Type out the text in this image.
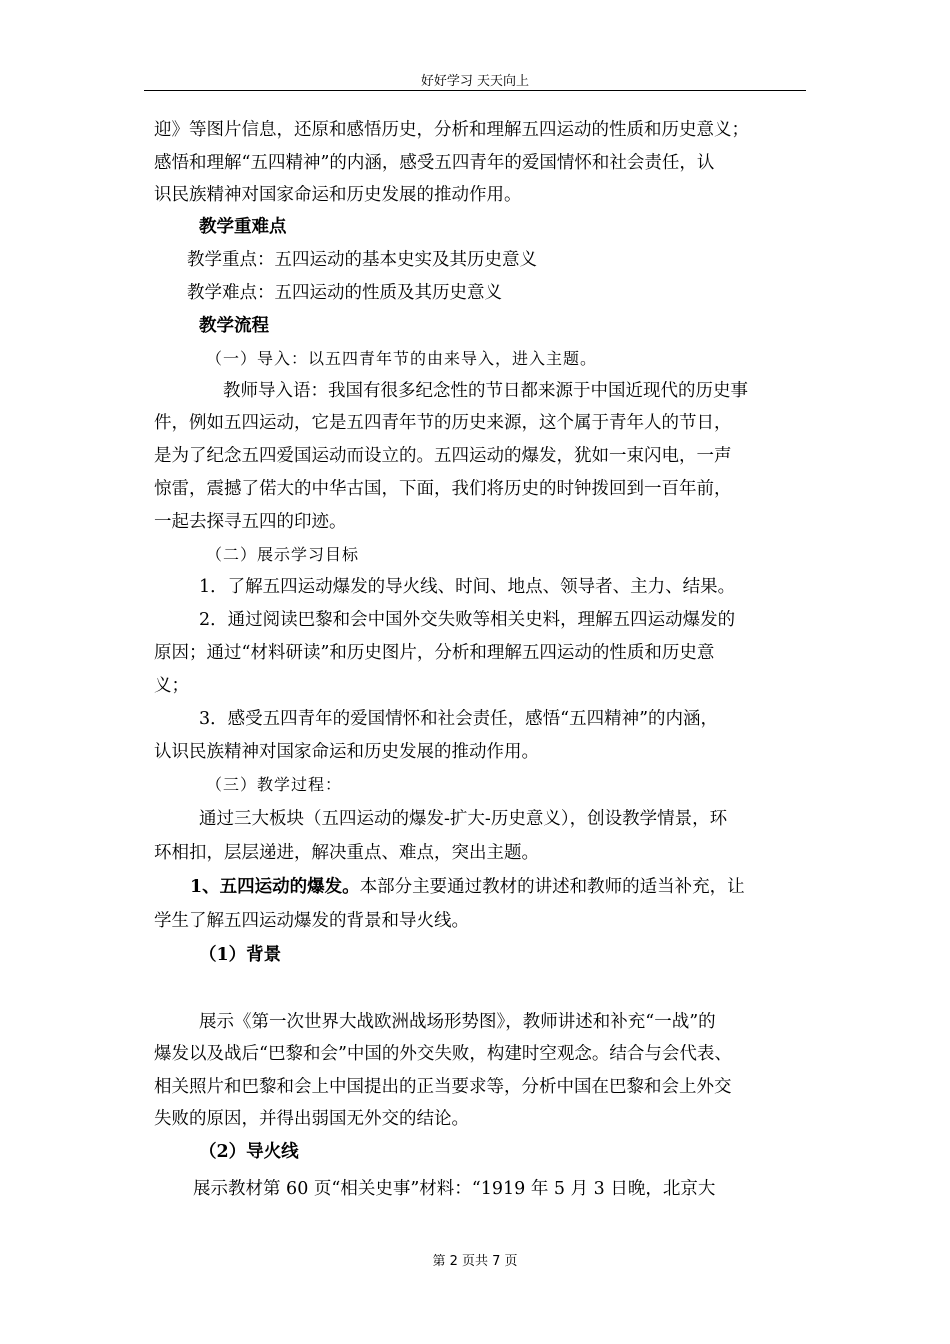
好好学习 天天向上
迎》等图片信息，还原和感悟历史，分析和理解五四运动的性质和历史意义；
感悟和理解“五四精神”的内涵，感受五四青年的爱国情怀和社会责任，认
识民族精神对国家命运和历史发展的推动作用。
教学重难点
教学重点：五四运动的基本史实及其历史意义
教学难点：五四运动的性质及其历史意义
教学流程
（一）导入：以五四青年节的由来导入，进入主题。
教师导入语：我国有很多纪念性的节日都来源于中国近现代的历史事
件，例如五四运动，它是五四青年节的历史来源，这个属于青年人的节日，
是为了纪念五四爱国运动而设立的。五四运动的爆发，犹如一束闪电，一声
惊雷，震撼了偌大的中华古国，下面，我们将历史的时钟拨回到一百年前，
一起去探寻五四的印迹。
（二）展示学习目标
1．了解五四运动爆发的导火线、时间、地点、领导者、主力、结果。
2．通过阅读巴黎和会中国外交失败等相关史料，理解五四运动爆发的
原因；通过“材料研读”和历史图片，分析和理解五四运动的性质和历史意
义；
3．感受五四青年的爱国情怀和社会责任，感悟“五四精神”的内涵，
认识民族精神对国家命运和历史发展的推动作用。
（三）教学过程：
通过三大板块（五四运动的爆发-扩大-历史意义），创设教学情景，环
环相扣，层层递进，解决重点、难点，突出主题。
1、五四运动的爆发。本部分主要通过教材的讲述和教师的适当补充，让
学生了解五四运动爆发的背景和导火线。
（1）背景
展示《第一次世界大战欧洲战场形势图》，教师讲述和补充“一战”的
爆发以及战后“巴黎和会”中国的外交失败，构建时空观念。结合与会代表、
相关照片和巴黎和会上中国提出的正当要求等，分析中国在巴黎和会上外交
失败的原因，并得出弱国无外交的结论。
（2）导火线
展示教材第 60 页“相关史事”材料：“1919 年 5 月 3 日晚，北京大
第 2 页共 7 页
